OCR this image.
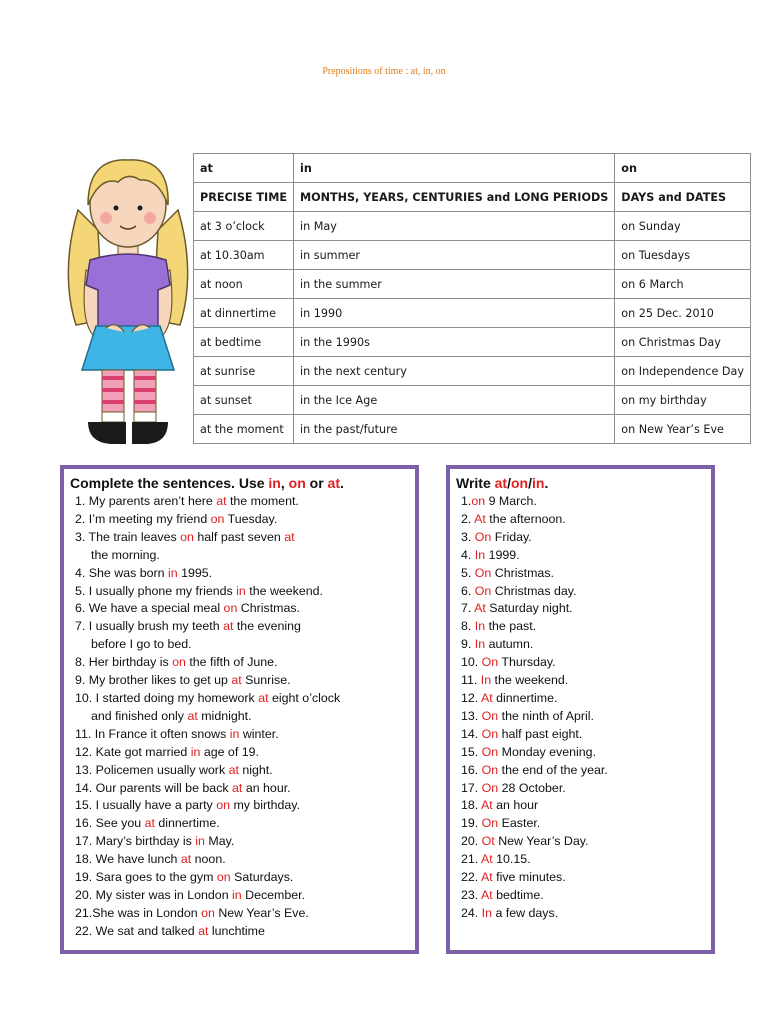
Prepositions of time : at, in, on
at	in	on
PRECISE TIME	MONTHS, YEARS, CENTURIES and LONG PERIODS	DAYS and DATES
at 3 o’clock	in May	on Sunday
at 10.30am	in summer	on Tuesdays
at noon	in the summer	on 6 March
at dinnertime	in 1990	on 25 Dec. 2010
at bedtime	in the 1990s	on Christmas Day
at sunrise	in the next century	on Independence Day
at sunset	in the Ice Age	on my birthday
at the moment	in the past/future	on New Year’s Eve
Complete the sentences. Use in, on or at.
1. My parents aren’t here at the moment.
2. I’m meeting my friend on Tuesday.
3. The train leaves on half past seven at
the morning.
4. She was born in 1995.
5. I usually phone my friends in the weekend.
6. We have a special meal on Christmas.
7. I usually brush my teeth at the evening
before I go to bed.
8. Her birthday is on the fifth of June.
9. My brother likes to get up at Sunrise.
10. I started doing my homework at eight o’clock
and finished only at midnight.
11. In France it often snows in winter.
12. Kate got married in age of 19.
13. Policemen usually work at night.
14. Our parents will be back at an hour.
15. I usually have a party on my birthday.
16. See you at dinnertime.
17. Mary’s birthday is in May.
18. We have lunch at noon.
19. Sara goes to the gym on Saturdays.
20. My sister was in London in December.
21.She was in London on New Year’s Eve.
22. We sat and talked at lunchtime
Write at/on/in.
1.on 9 March.
2. At the afternoon.
3. On Friday.
4. In 1999.
5. On Christmas.
6. On Christmas day.
7. At Saturday night.
8. In the past.
9. In autumn.
10. On Thursday.
11. In the weekend.
12. At dinnertime.
13. On the ninth of April.
14. On half past eight.
15. On Monday evening.
16. On the end of the year.
17. On 28 October.
18. At an hour
19. On Easter.
20. Ot New Year’s Day.
21. At 10.15.
22. At five minutes.
23. At bedtime.
24. In a few days.
